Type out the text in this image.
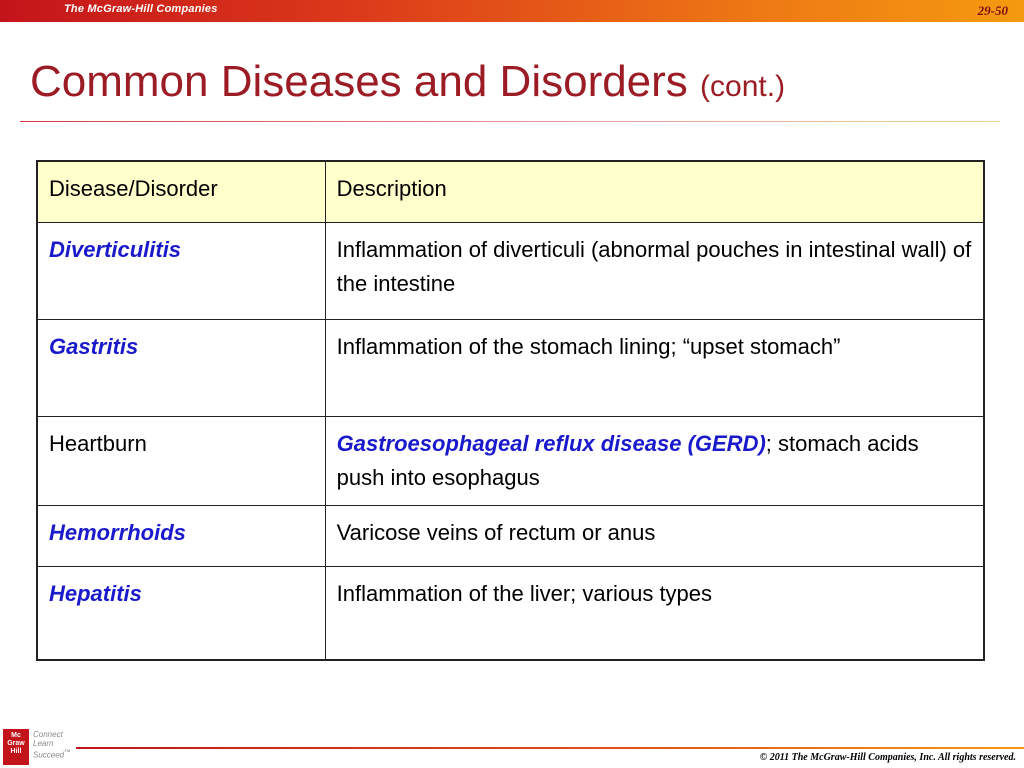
The McGraw-Hill Companies	29-50
Common Diseases and Disorders (cont.)
Disease/Disorder	Description
Diverticulitis	Inflammation of diverticuli (abnormal pouches in intestinal wall) of the intestine
Gastritis	Inflammation of the stomach lining; “upset stomach”
Heartburn	Gastroesophageal reflux disease (GERD); stomach acids push into esophagus
Hemorrhoids	Varicose veins of rectum or anus
Hepatitis	Inflammation of the liver; various types
Mc
Graw
Hill
Connect
Learn
Succeed™	© 2011 The McGraw-Hill Companies, Inc. All rights reserved.
